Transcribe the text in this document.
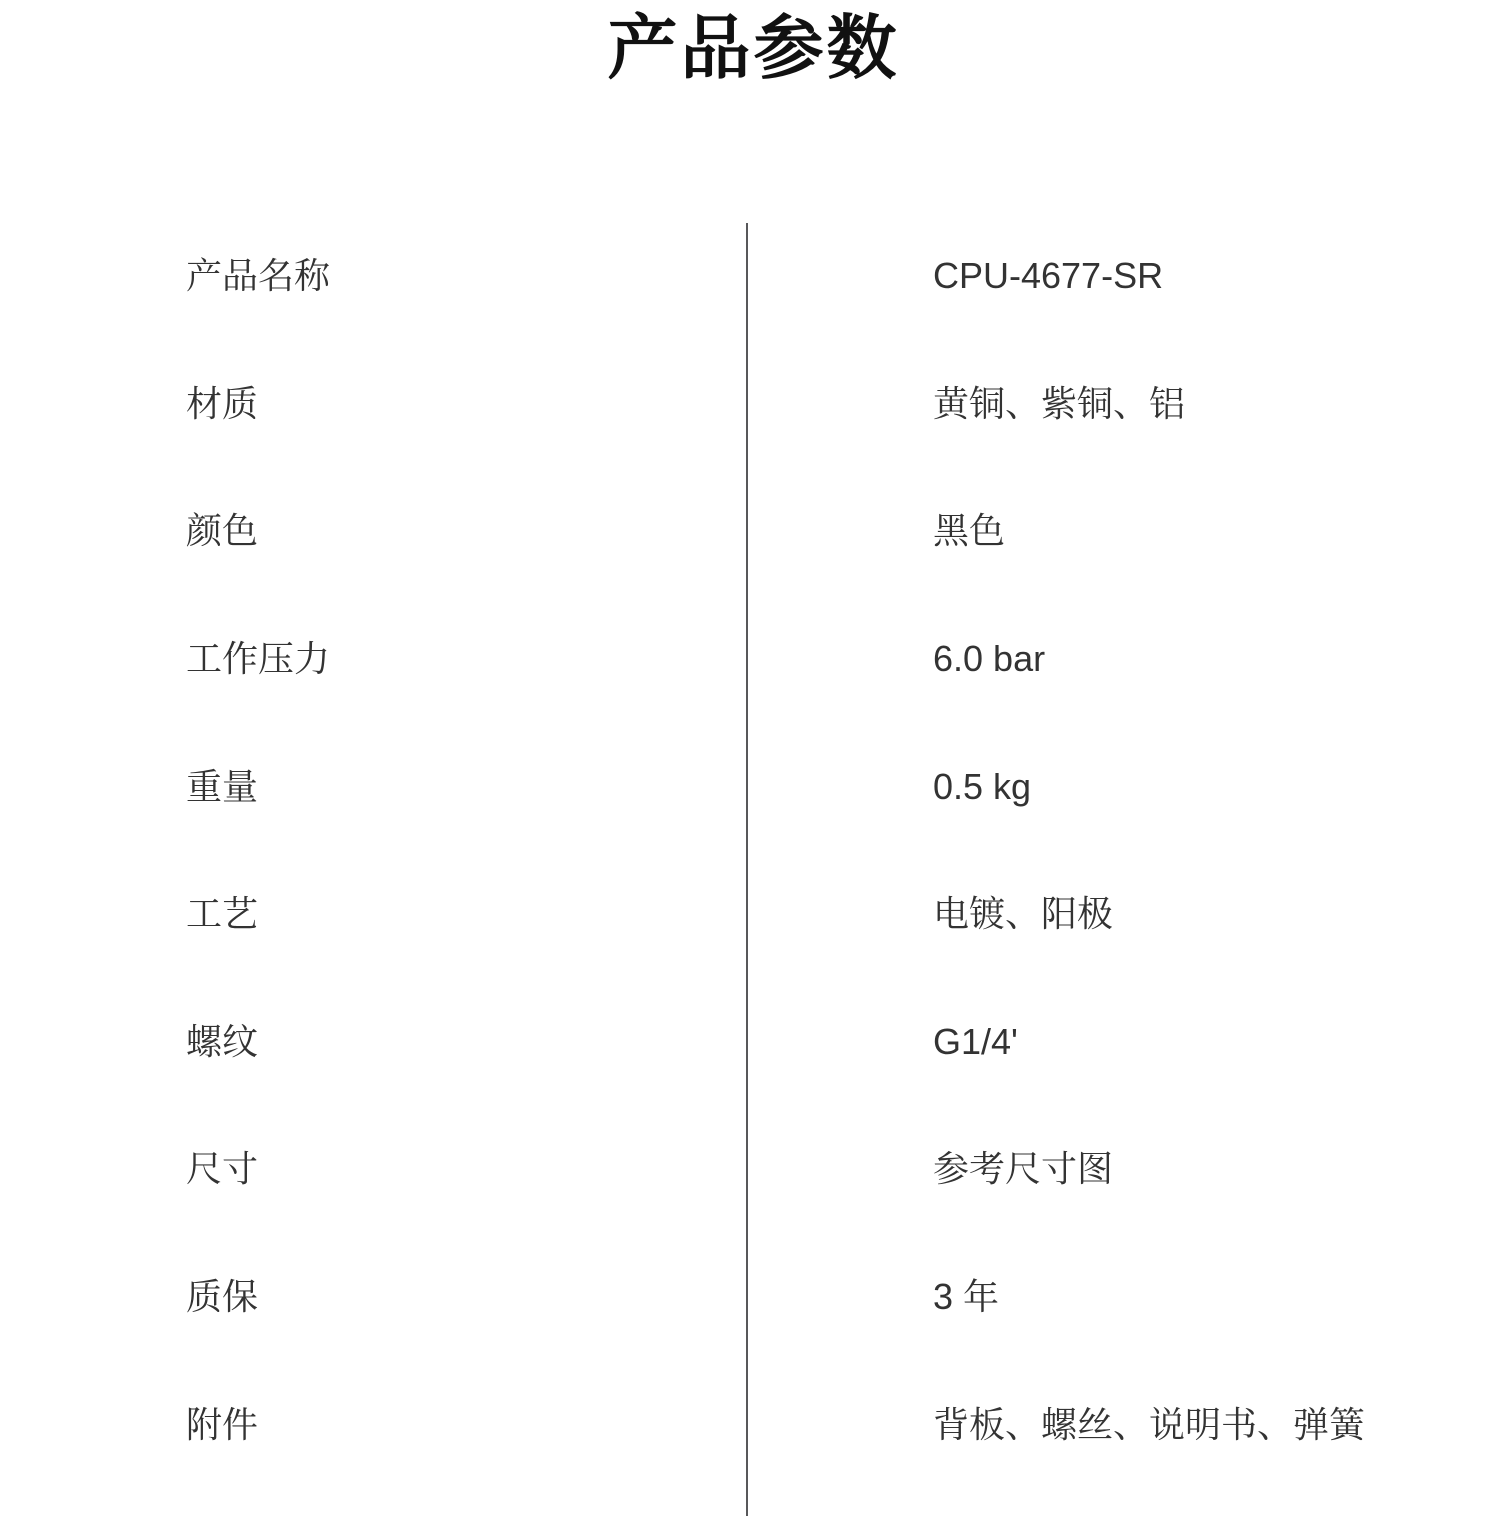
产品参数
产品名称	CPU-4677-SR
材质	黄铜、紫铜、铝
颜色	黑色
工作压力	6.0 bar
重量	0.5 kg
工艺	电镀、阳极
螺纹	G1/4'
尺寸	参考尺寸图
质保	3 年
附件	背板、螺丝、说明书、弹簧
